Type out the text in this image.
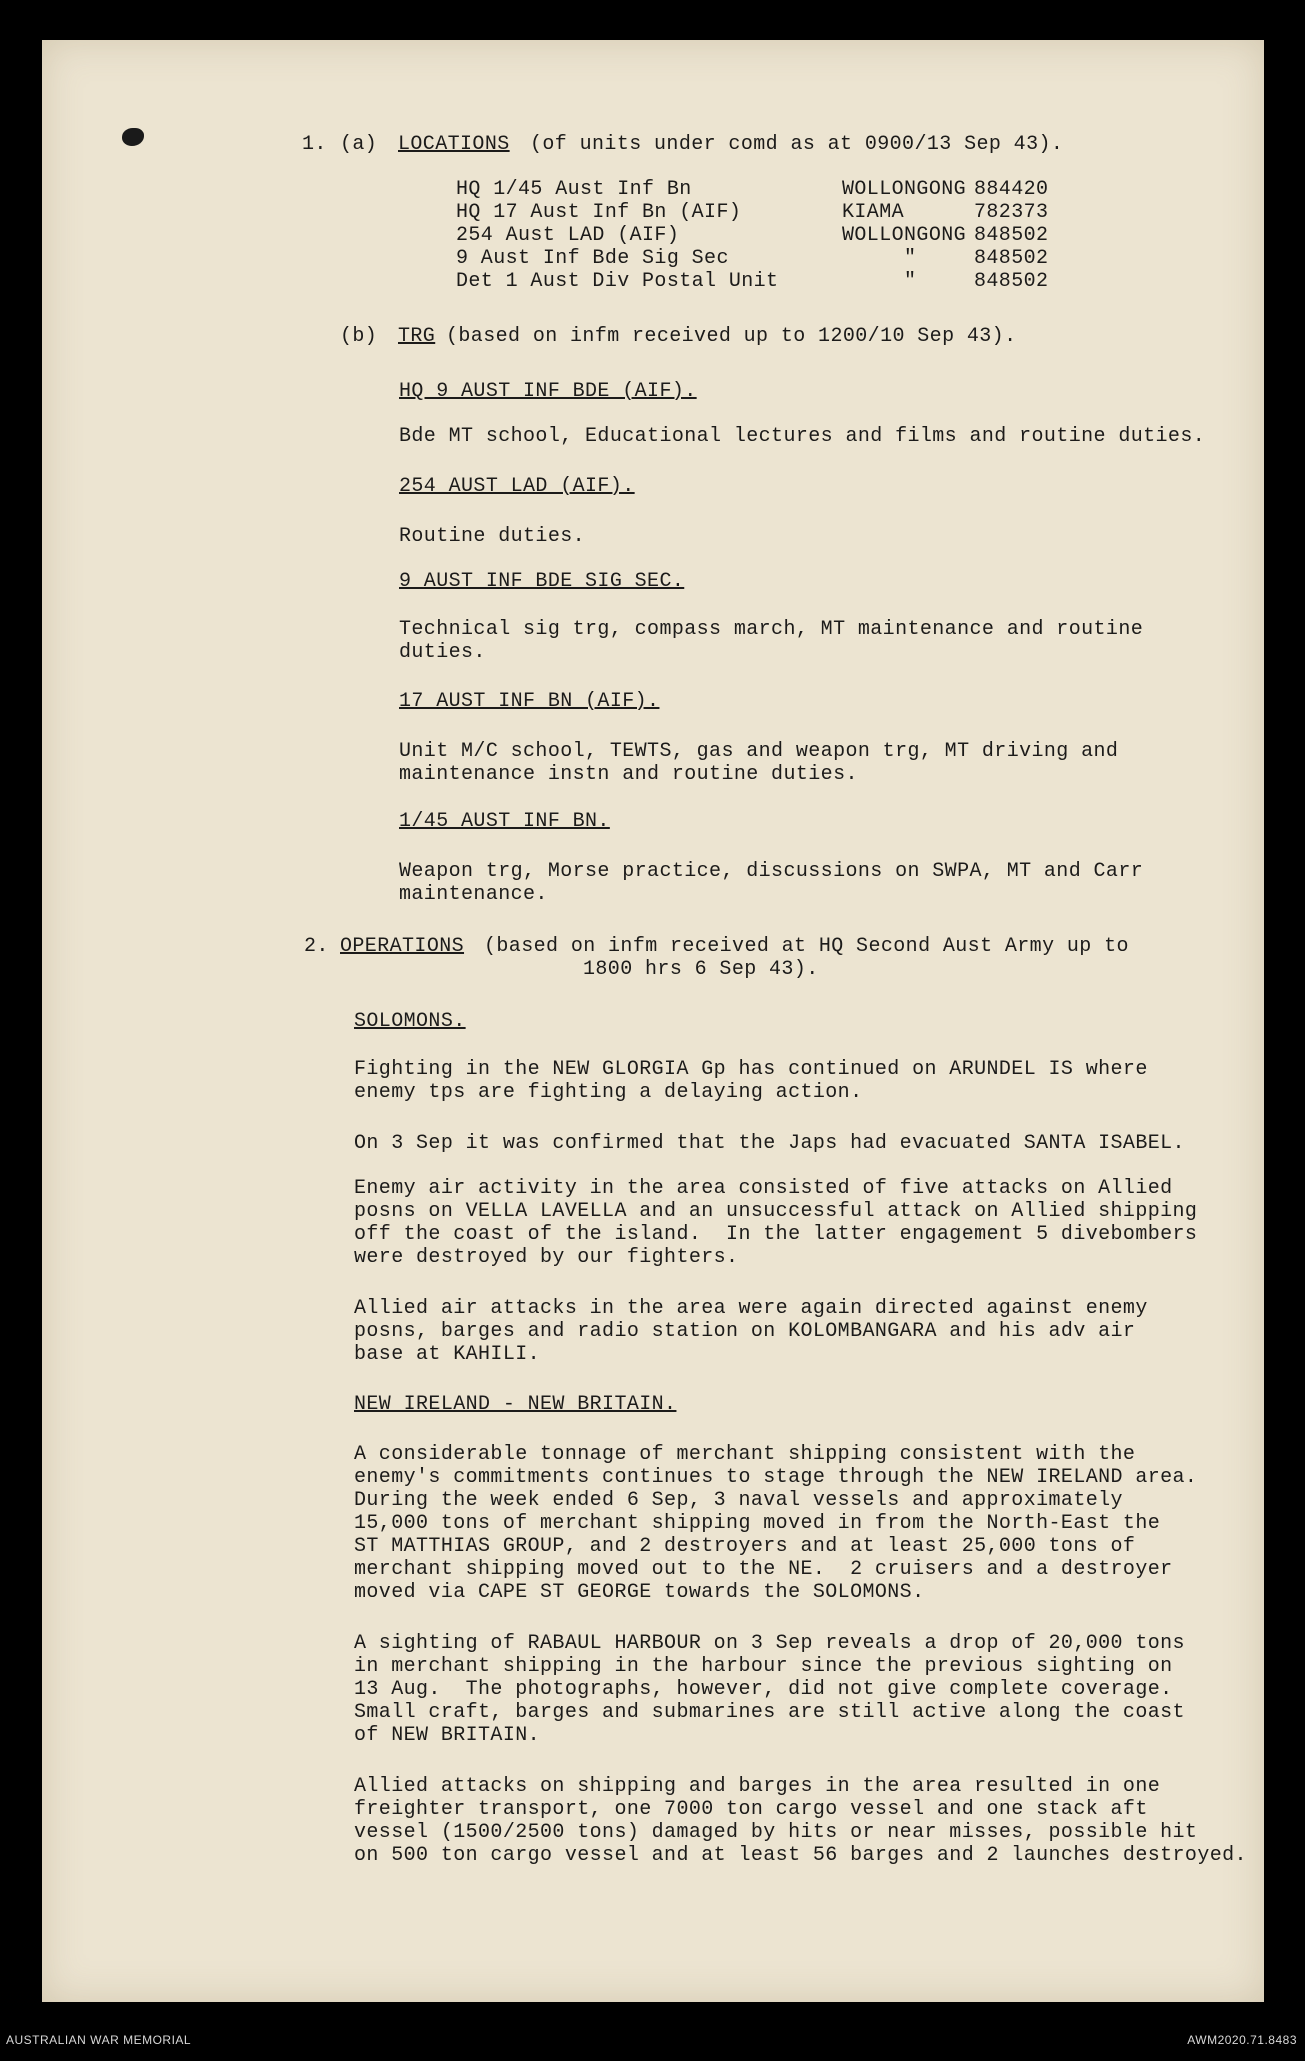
1. (a) LOCATIONS (of units under comd as at 0900/13 Sep 43).
HQ 1/45 Aust Inf Bn	WOLLONGONG 884420
HQ 17 Aust Inf Bn (AIF)	KIAMA	782373
254 Aust LAD (AIF)	WOLLONGONG 848502
9 Aust Inf Bde Sig Sec	"	848502
Det 1 Aust Div Postal Unit	"	848502
(b) TRG (based on infm received up to 1200/10 Sep 43).
HQ 9 AUST INF BDE (AIF).
Bde MT school, Educational lectures and films and routine duties.
254 AUST LAD (AIF).
Routine duties.
9 AUST INF BDE SIG SEC.
Technical sig trg, compass march, MT maintenance and routine
duties.
17 AUST INF BN (AIF).
Unit M/C school, TEWTS, gas and weapon trg, MT driving and
maintenance instn and routine duties.
1/45 AUST INF BN.
Weapon trg, Morse practice, discussions on SWPA, MT and Carr
maintenance.
2. OPERATIONS (based on infm received at HQ Second Aust Army up to
1800 hrs 6 Sep 43).
SOLOMONS.
Fighting in the NEW GLORGIA Gp has continued on ARUNDEL IS where
enemy tps are fighting a delaying action.
On 3 Sep it was confirmed that the Japs had evacuated SANTA ISABEL.
Enemy air activity in the area consisted of five attacks on Allied
posns on VELLA LAVELLA and an unsuccessful attack on Allied shipping
off the coast of the island.  In the latter engagement 5 divebombers
were destroyed by our fighters.
Allied air attacks in the area were again directed against enemy
posns, barges and radio station on KOLOMBANGARA and his adv air
base at KAHILI.
NEW IRELAND - NEW BRITAIN.
A considerable tonnage of merchant shipping consistent with the
enemy's commitments continues to stage through the NEW IRELAND area.
During the week ended 6 Sep, 3 naval vessels and approximately
15,000 tons of merchant shipping moved in from the North-East the
ST MATTHIAS GROUP, and 2 destroyers and at least 25,000 tons of
merchant shipping moved out to the NE.  2 cruisers and a destroyer
moved via CAPE ST GEORGE towards the SOLOMONS.
A sighting of RABAUL HARBOUR on 3 Sep reveals a drop of 20,000 tons
in merchant shipping in the harbour since the previous sighting on
13 Aug.  The photographs, however, did not give complete coverage.
Small craft, barges and submarines are still active along the coast
of NEW BRITAIN.
Allied attacks on shipping and barges in the area resulted in one
freighter transport, one 7000 ton cargo vessel and one stack aft
vessel (1500/2500 tons) damaged by hits or near misses, possible hit
on 500 ton cargo vessel and at least 56 barges and 2 launches destroyed.
AUSTRALIAN WAR MEMORIAL	AWM2020.71.8483
